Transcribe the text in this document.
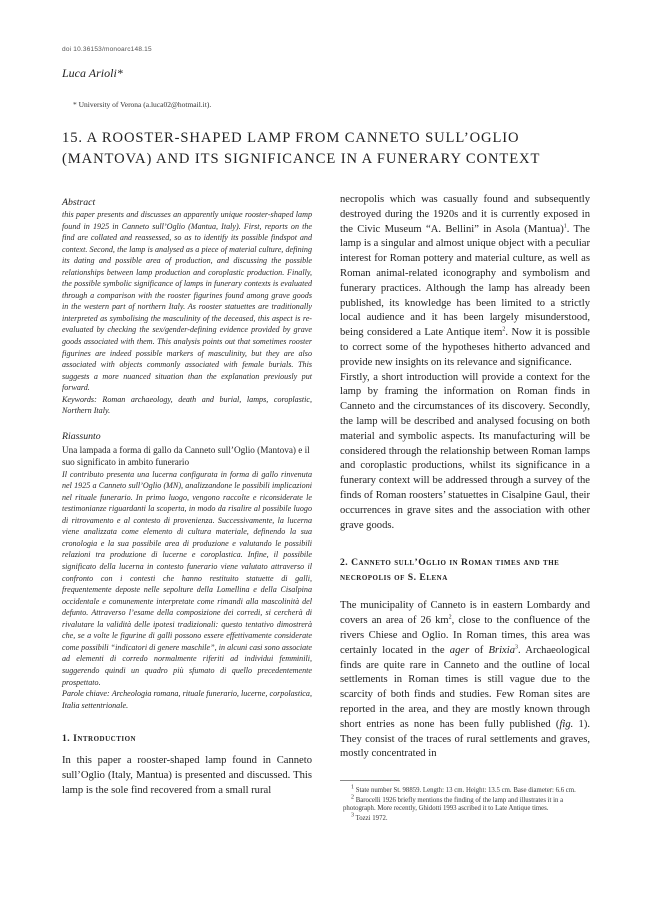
doi 10.36153/monoarc148.15
Luca Arioli*
* University of Verona (a.luca02@hotmail.it).
15. A ROOSTER-SHAPED LAMP FROM CANNETO SULL’OGLIO (MANTOVA) AND ITS SIGNIFICANCE IN A FUNERARY CONTEXT

Abstract

this paper presents and discusses an apparently unique rooster-shaped lamp found in 1925 in Canneto sull’Oglio (Mantua, Italy). First, reports on the find are collated and reassessed, so as to identify its possible findspot and context. Second, the lamp is analysed as a piece of material culture, defining its dating and possible area of production, and discussing the possible relationships between lamp production and coroplastic production. Finally, the possible symbolic significance of lamps in funerary contexts is evaluated through a comparison with the rooster figurines found among grave goods in the western part of northern Italy. As rooster statuettes are traditionally interpreted as symbolising the masculinity of the deceased, this aspect is re-evaluated by checking the sex/gender-defining evidence provided by grave goods associated with them. This analysis points out that sometimes rooster figurines are indeed possible markers of masculinity, but they are also associated with objects commonly associated with female burials. This suggests a more nuanced situation than the explanation previously put forward.

Keywords: Roman archaeology, death and burial, lamps, coroplastic, Northern Italy.

Riassunto

Una lampada a forma di gallo da Canneto sull’Oglio (Mantova) e il suo significato in ambito funerario

Il contributo presenta una lucerna configurata in forma di gallo rinvenuta nel 1925 a Canneto sull’Oglio (MN), analizzandone le possibili implicazioni nel rituale funerario. In primo luogo, vengono raccolte e riconsiderate le testimonianze riguardanti la scoperta, in modo da risalire al possibile luogo di ritrovamento e al contesto di provenienza. Successivamente, la lucerna viene analizzata come elemento di cultura materiale, definendo la sua cronologia e la sua possibile area di produzione e valutando le possibili relazioni tra produzione di lucerne e coroplastica. Infine, il possibile significato della lucerna in contesto funerario viene valutato attraverso il confronto con i contesti che hanno restituito statuette di galli, frequentemente deposte nelle sepolture della Lomellina e della Cisalpina occidentale e comunemente interpretate come rimandi alla mascolinità del defunto. Attraverso l’esame della composizione dei corredi, si cercherà di rivalutare la validità delle ipotesi tradizionali: questo tentativo dimostrerà che, se a volte le figurine di galli possono essere effettivamente considerate come possibili “indicatori di genere maschile”, in alcuni casi sono associate ad elementi di corredo normalmente riferiti ad individui femminili, suggerendo quindi un quadro più sfumato di quello precedentemente prospettato.

Parole chiave: Archeologia romana, rituale funerario, lucerne, corpolastica, Italia settentrionale.

1. Introduction

In this paper a rooster-shaped lamp found in Canneto sull’Oglio (Italy, Mantua) is presented and discussed. This lamp is the sole find recovered from a small rural

necropolis which was casually found and subsequently destroyed during the 1920s and it is currently exposed in the Civic Museum “A. Bellini” in Asola (Mantua)$^1$. The lamp is a singular and almost unique object with a peculiar interest for Roman pottery and material culture, as well as Roman animal-related iconography and symbolism and funerary practices. Although the lamp has already been published, its knowledge has been limited to a strictly local audience and it has been largely misunderstood, being considered a Late Antique item$^2$. Now it is possible to correct some of the hypotheses hitherto advanced and provide new insights on its relevance and significance.

Firstly, a short introduction will provide a context for the lamp by framing the information on Roman finds in Canneto and the circumstances of its discovery. Secondly, the lamp will be described and analysed focusing on both material and symbolic aspects. Its manufacturing will be considered through the relationship between Roman lamps and coroplastic productions, whilst its significance in a funerary context will be addressed through a survey of the finds of Roman roosters’ statuettes in Cisalpine Gaul, their occurrences in grave sites and the association with other grave goods.

2. Canneto sull’Oglio in Roman times and the necropolis of S. Elena

The municipality of Canneto is in eastern Lombardy and covers an area of 26 $km^2$, close to the confluence of the rivers Chiese and Oglio. In Roman times, this area was certainly located in the ager of Brixia$^3$. Archaeological finds are quite rare in Canneto and the outline of local settlements in Roman times is still vague due to the scarcity of both finds and studies. Few Roman sites are reported in the area, and they are mostly known through short entries as none has been fully published (fig. 1). They consist of the traces of rural settlements and graves, mostly concentrated in

$^1$ State number St. 98859. Length: 13 cm. Height: 13.5 cm. Base diameter: 6.6 cm.

$^2$ Barocelli 1926 briefly mentions the finding of the lamp and illustrates it in a photograph. More recently, Ghidotti 1993 ascribed it to Late Antique times.

$^3$ Tozzi 1972.
